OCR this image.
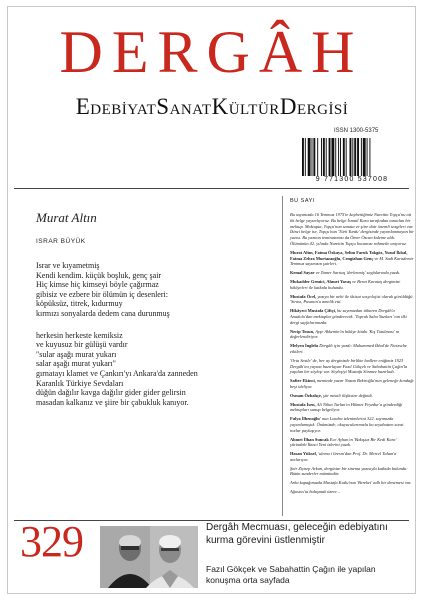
DERGÂH
EDEBİYATSANATKÜLTÜRDERGİSİ
ISSN 1300-5375
9 771300 537008
Murat Altın
ISRAR BÜYÜK
Israr ve kıyametmiş
Kendi kendim. küçük boşluk, genç şair
Hiç kimse hiç kimseyi böyle çağırmaz
gibisiz ve ezbere bir ölümün iç desenleri:
köpüksüz, titrek, kıdurmuy
kırmızı sonyalarda dedem cana durunmuş
herkesin herkeste kemiksiz
ve kuyusuz bir gülüşü vardır
"sular aşağı murat yukarı
salar aşağı murat yukarı"
gırnatayı klamet ve Çankırı'yı Ankara'da zanneden
Karanlık Türkiye Sevdaları
düğün dağılır kavga dağılır gider gider gelirsin
masadan kalkanız ve şiire bir çabukluk kanıyor.
BU SAYI
Bu sayımızda 16 Temmuz 1975'te kaybettiğimiz Nurettin Topçu'nu ait iki belge yayımlıyoruz. Bu belge İsmail Kara tarafından tanıtılan bir mektup. Mektupta, Topçu'nun sanata ve şiire dair önemli sezgileri var. İkinci belge ise, Topçu'nun 'Türk Yurdu' dergisinde yayımlanmayan bir yazısı. Bu yazının teminatımızı da Ömer Özcan kaleme aldı. Ölümünün 42. yılında Nurettin Topçu hocamızı rahmetle anıyoruz.
Murat Altın, Fatma Özkaya, Selim Faruk Tokgöz, Yusuf İkbal, Fatma Zehra Murtazaoğlu, Cengizhan Genç ve M. Sadi Karademir Temmuz sayımızın şairleri.
Kemal Sayar ve Tamer Sarıtaş 'derlenmiş' sayfalarında yazdı.
Mukadder Gemici, Ahmet Yavaş ve Berat Karataş dergimize hikâyeleri ile katkıda bulundu.
Mustafa Öcel, yazıya bir nebi ile iktisat sosyolojisi olarak görüldüğü 'Sırası, Pusanın'a amelik etti.
Hikâyeci Mustafa Çiftçi, bu sayımızdan itibaren Dergâh'a Anadolu'dan mektuplar gönderecek. 'Toprak Saha Yazıları' nın ilki dergi sayfalarımızda.
Necip Tosun, Ayşe Akkemin'in hikâye kitabı 'Kış Tutulması' nı değerlendiriyor.
Melyen İnglebı Dergâh için yazdı: Muhammed İkbal'de Nietzsche etkileri.
'Orta Sestle' de, her ay derginizde birlikte hedlere eniğimiz 1923 Dergâh'ını yayına hazırlayan Fazıl Gökçek ve Sabahattin Çağın'la yapılan bir söyleşi var. Söyleşiyi Mustafa Sönmez hazırladı.
Safter Ekinci, meminde yazar Nazan Bekiroğlu'nun geleneğe kondağı beşi ideliyor.
Osman Özbahçe, şiir misali ilişkisine değindi.
Mustafa İsen, Ali Nihat Tarlan'ın Hikmet Feyzdur'a gönderdiği mektupları sunup belgeliyor.
Fulya İlbenoğlu' nun Londra izlenimlerini 322. sayımızda yayımlamıştık. Önümüzde, okuyucularımızla bu seyahatten sonsi notlar paylaşıyor.
Ahmet İlhan Suncak Ece Ayhan'ın 'Bakışsız Bir Kedi Kara' şiirindeki İkinci Yeni izlerini yazdı.
Hasan Yüksel, 'ulemu i liresm'dan Prof. Dr. Mercel Tahan'a anılarıyor.
Şair Ziynep Arkan, derginize bir sinema yazısıyla katkıda bulundu: Bütün sunderler mümündür.
Arka kapağımızda Mustafa Kutlu'nun 'Bereket' adlı bir denemesi var.
Ağustos'ta buluşmak üzere...
329	Dergâh Mecmuası, geleceğin edebiyatını kurma görevini üstlenmiştir
Fazıl Gökçek ve Sabahattin Çağın ile yapılan konuşma orta sayfada
